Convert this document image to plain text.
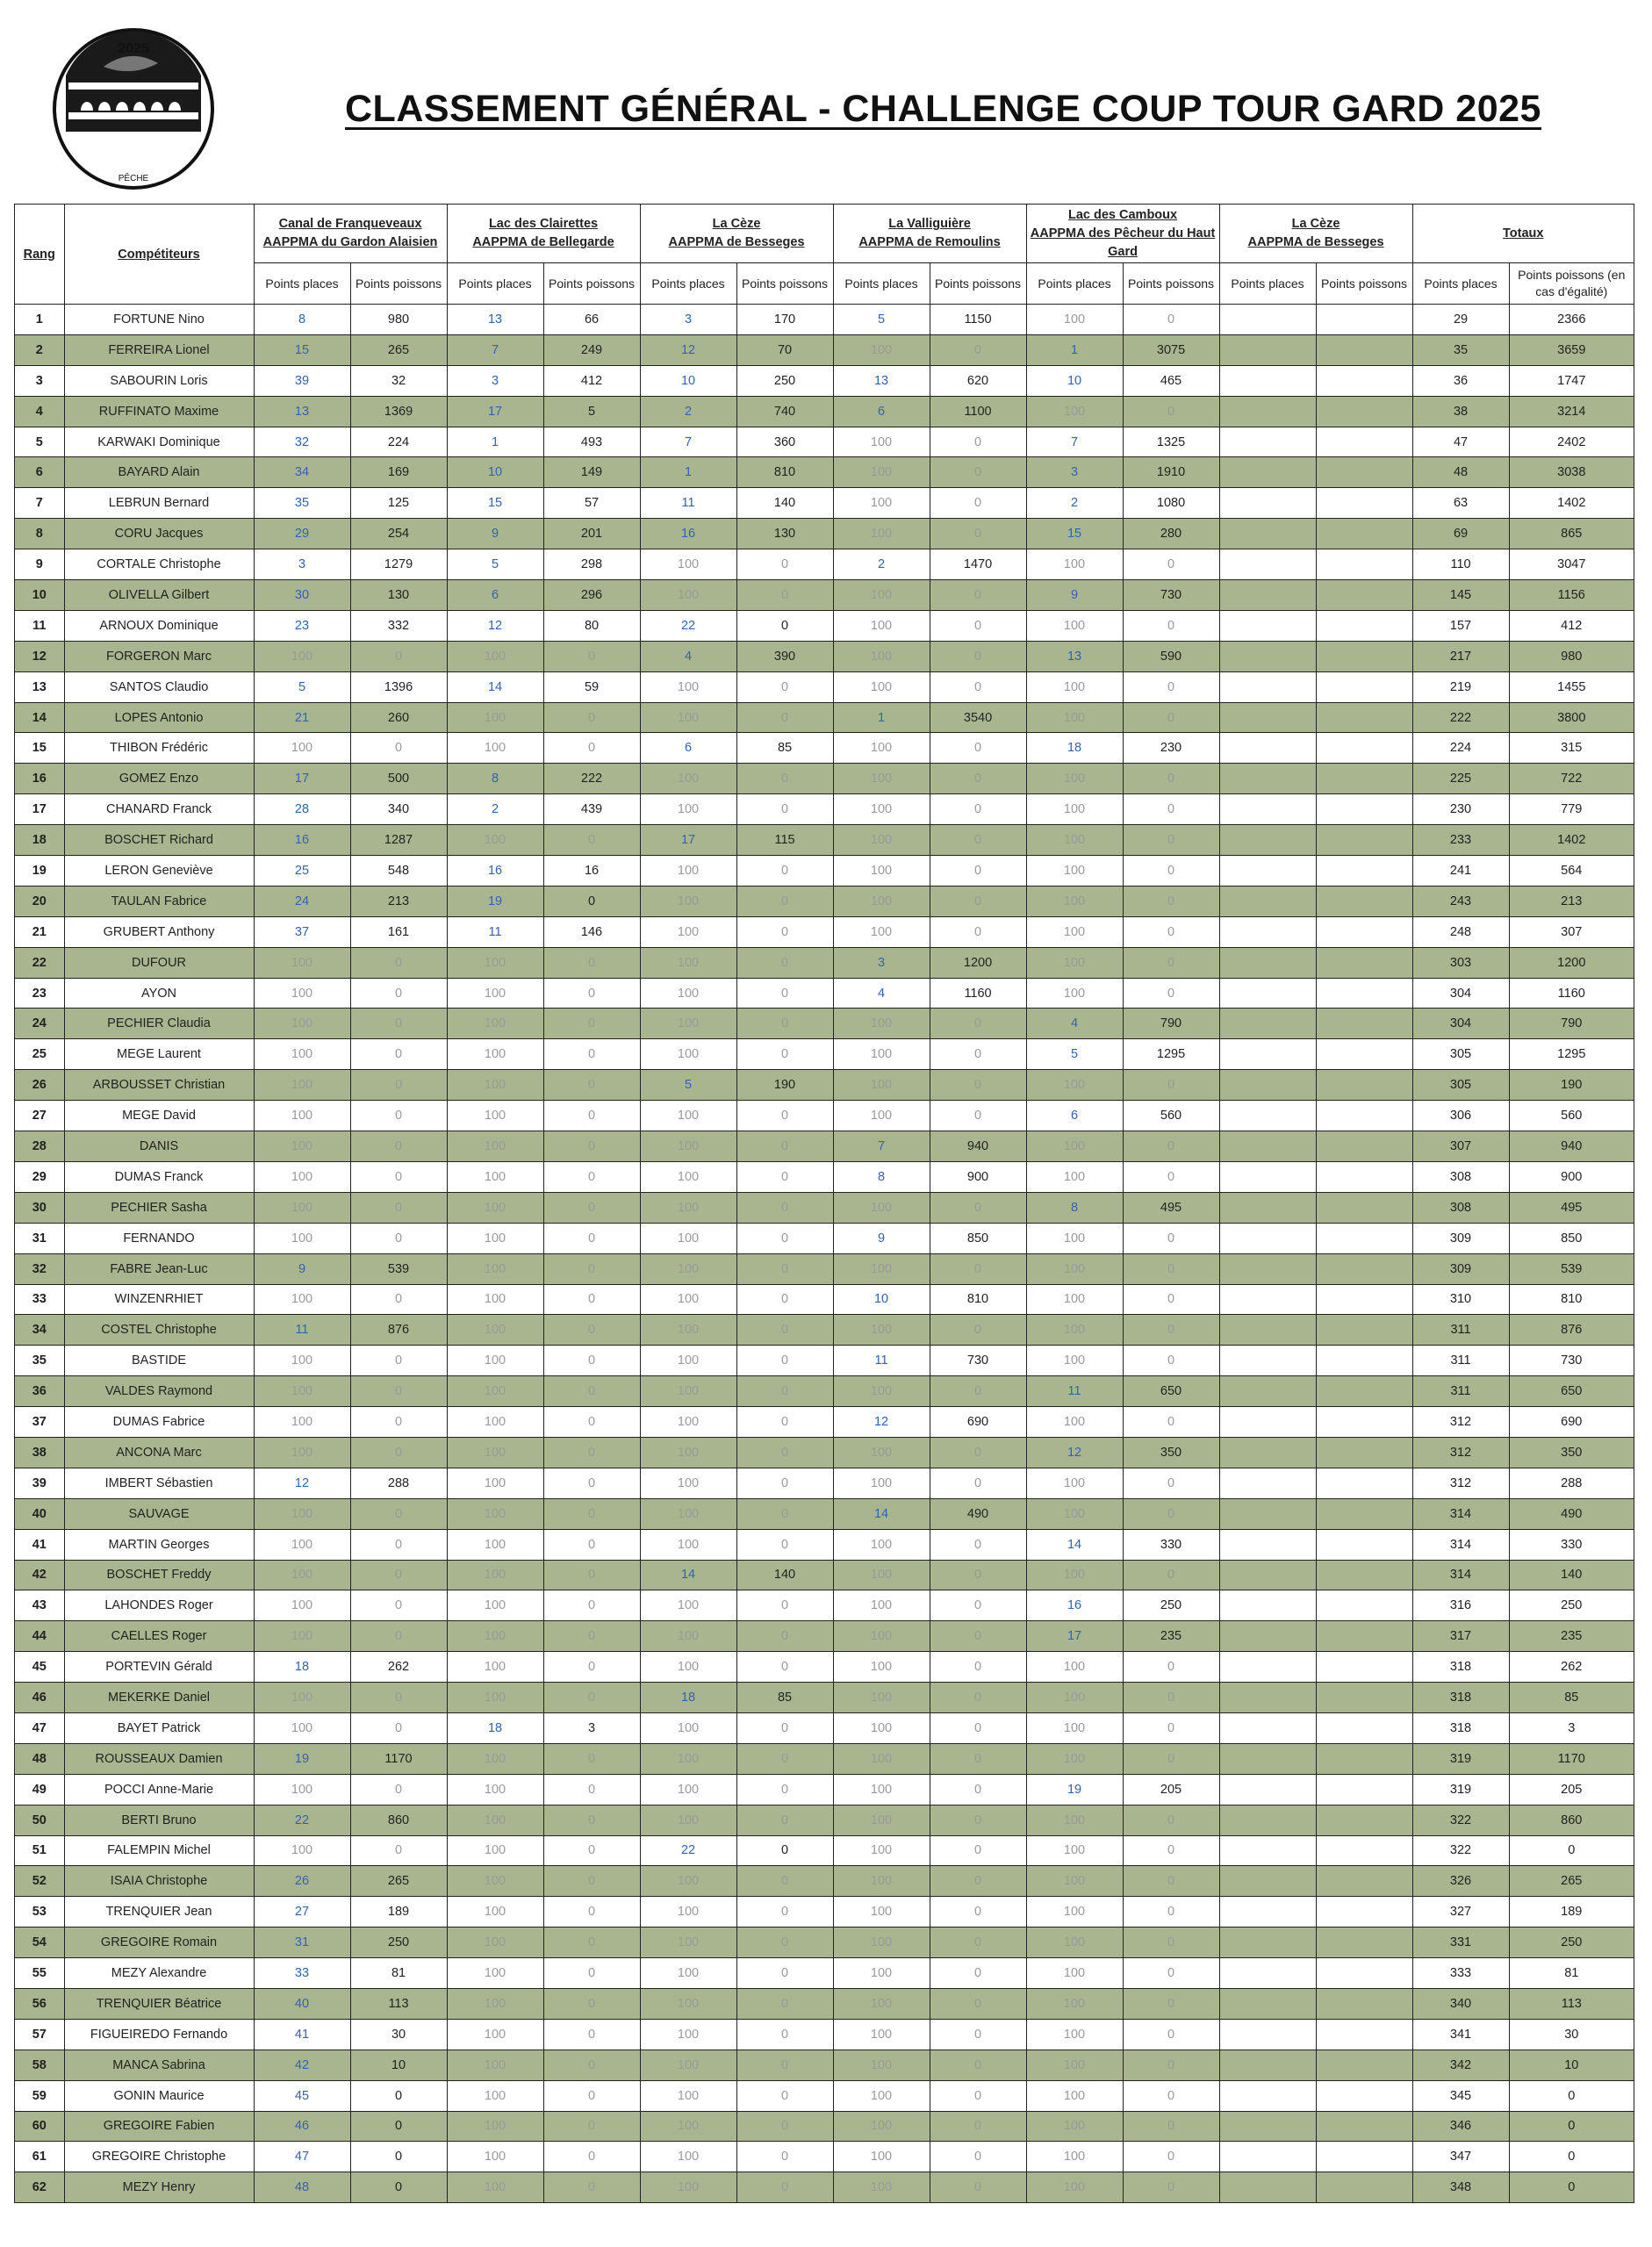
2025
PÊCHE
CLASSEMENT GÉNÉRAL - CHALLENGE COUP TOUR GARD 2025
Rang	Compétiteurs	Canal de Franqueveaux
AAPPMA du Gardon Alaisien		Lac des Clairettes
AAPPMA de Bellegarde		La Cèze
AAPPMA de Besseges		La Valliguière
AAPPMA de Remoulins		Lac des Camboux
AAPPMA des Pêcheur du Haut Gard		La Cèze
AAPPMA de Besseges		Totaux	

		Points places	Points poissons	Points places	Points poissons	Points places	Points poissons	Points places	Points poissons	Points places	Points poissons	Points places	Points poissons	Points places	Points poissons (en cas d'égalité)
1	FORTUNE Nino	8	980	13	66	3	170	5	1150	100	0			29	2366
2	FERREIRA Lionel	15	265	7	249	12	70	100	0	1	3075			35	3659
3	SABOURIN Loris	39	32	3	412	10	250	13	620	10	465			36	1747
4	RUFFINATO Maxime	13	1369	17	5	2	740	6	1100	100	0			38	3214
5	KARWAKI Dominique	32	224	1	493	7	360	100	0	7	1325			47	2402
6	BAYARD Alain	34	169	10	149	1	810	100	0	3	1910			48	3038
7	LEBRUN Bernard	35	125	15	57	11	140	100	0	2	1080			63	1402
8	CORU Jacques	29	254	9	201	16	130	100	0	15	280			69	865
9	CORTALE Christophe	3	1279	5	298	100	0	2	1470	100	0			110	3047
10	OLIVELLA Gilbert	30	130	6	296	100	0	100	0	9	730			145	1156
11	ARNOUX Dominique	23	332	12	80	22	0	100	0	100	0			157	412
12	FORGERON Marc	100	0	100	0	4	390	100	0	13	590			217	980
13	SANTOS Claudio	5	1396	14	59	100	0	100	0	100	0			219	1455
14	LOPES Antonio	21	260	100	0	100	0	1	3540	100	0			222	3800
15	THIBON Frédéric	100	0	100	0	6	85	100	0	18	230			224	315
16	GOMEZ Enzo	17	500	8	222	100	0	100	0	100	0			225	722
17	CHANARD Franck	28	340	2	439	100	0	100	0	100	0			230	779
18	BOSCHET Richard	16	1287	100	0	17	115	100	0	100	0			233	1402
19	LERON Geneviève	25	548	16	16	100	0	100	0	100	0			241	564
20	TAULAN Fabrice	24	213	19	0	100	0	100	0	100	0			243	213
21	GRUBERT Anthony	37	161	11	146	100	0	100	0	100	0			248	307
22	DUFOUR	100	0	100	0	100	0	3	1200	100	0			303	1200
23	AYON	100	0	100	0	100	0	4	1160	100	0			304	1160
24	PECHIER Claudia	100	0	100	0	100	0	100	0	4	790			304	790
25	MEGE Laurent	100	0	100	0	100	0	100	0	5	1295			305	1295
26	ARBOUSSET Christian	100	0	100	0	5	190	100	0	100	0			305	190
27	MEGE David	100	0	100	0	100	0	100	0	6	560			306	560
28	DANIS	100	0	100	0	100	0	7	940	100	0			307	940
29	DUMAS Franck	100	0	100	0	100	0	8	900	100	0			308	900
30	PECHIER Sasha	100	0	100	0	100	0	100	0	8	495			308	495
31	FERNANDO	100	0	100	0	100	0	9	850	100	0			309	850
32	FABRE Jean-Luc	9	539	100	0	100	0	100	0	100	0			309	539
33	WINZENRHIET	100	0	100	0	100	0	10	810	100	0			310	810
34	COSTEL Christophe	11	876	100	0	100	0	100	0	100	0			311	876
35	BASTIDE	100	0	100	0	100	0	11	730	100	0			311	730
36	VALDES Raymond	100	0	100	0	100	0	100	0	11	650			311	650
37	DUMAS Fabrice	100	0	100	0	100	0	12	690	100	0			312	690
38	ANCONA Marc	100	0	100	0	100	0	100	0	12	350			312	350
39	IMBERT Sébastien	12	288	100	0	100	0	100	0	100	0			312	288
40	SAUVAGE	100	0	100	0	100	0	14	490	100	0			314	490
41	MARTIN Georges	100	0	100	0	100	0	100	0	14	330			314	330
42	BOSCHET Freddy	100	0	100	0	14	140	100	0	100	0			314	140
43	LAHONDES Roger	100	0	100	0	100	0	100	0	16	250			316	250
44	CAELLES Roger	100	0	100	0	100	0	100	0	17	235			317	235
45	PORTEVIN Gérald	18	262	100	0	100	0	100	0	100	0			318	262
46	MEKERKE Daniel	100	0	100	0	18	85	100	0	100	0			318	85
47	BAYET Patrick	100	0	18	3	100	0	100	0	100	0			318	3
48	ROUSSEAUX Damien	19	1170	100	0	100	0	100	0	100	0			319	1170
49	POCCI Anne-Marie	100	0	100	0	100	0	100	0	19	205			319	205
50	BERTI Bruno	22	860	100	0	100	0	100	0	100	0			322	860
51	FALEMPIN Michel	100	0	100	0	22	0	100	0	100	0			322	0
52	ISAIA Christophe	26	265	100	0	100	0	100	0	100	0			326	265
53	TRENQUIER Jean	27	189	100	0	100	0	100	0	100	0			327	189
54	GREGOIRE Romain	31	250	100	0	100	0	100	0	100	0			331	250
55	MEZY Alexandre	33	81	100	0	100	0	100	0	100	0			333	81
56	TRENQUIER Béatrice	40	113	100	0	100	0	100	0	100	0			340	113
57	FIGUEIREDO Fernando	41	30	100	0	100	0	100	0	100	0			341	30
58	MANCA Sabrina	42	10	100	0	100	0	100	0	100	0			342	10
59	GONIN Maurice	45	0	100	0	100	0	100	0	100	0			345	0
60	GREGOIRE Fabien	46	0	100	0	100	0	100	0	100	0			346	0
61	GREGOIRE Christophe	47	0	100	0	100	0	100	0	100	0			347	0
62	MEZY Henry	48	0	100	0	100	0	100	0	100	0			348	0
